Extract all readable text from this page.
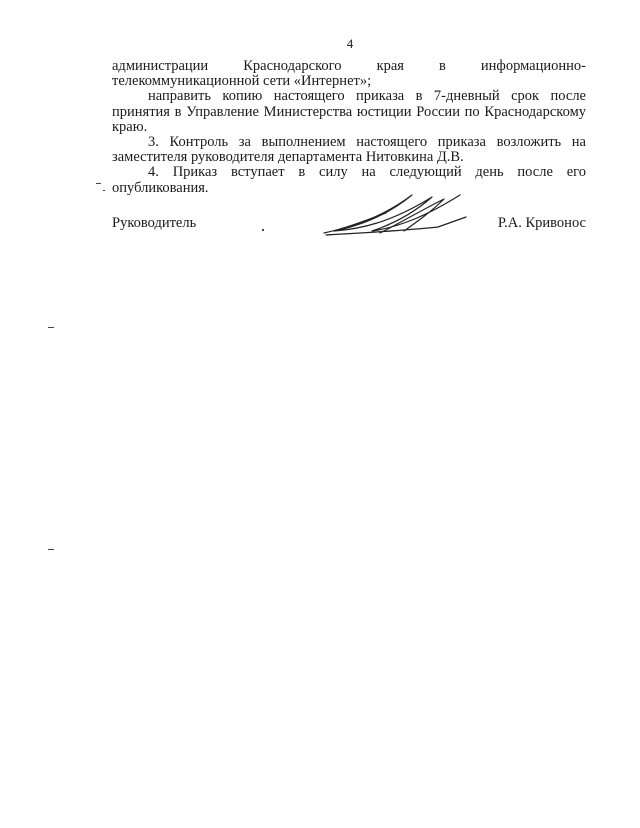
4

администрации Краснодарского края в информационно-телекоммуникационной сети «Интернет»;

направить копию настоящего приказа в 7-дневный срок после принятия в Управление Министерства юстиции России по Краснодарскому краю.

3. Контроль за выполнением настоящего приказа возложить на заместителя руководителя департамента Нитовкина Д.В.

4. Приказ вступает в силу на следующий день после его опубликования.

Руководитель	Р.А. Кривонос
